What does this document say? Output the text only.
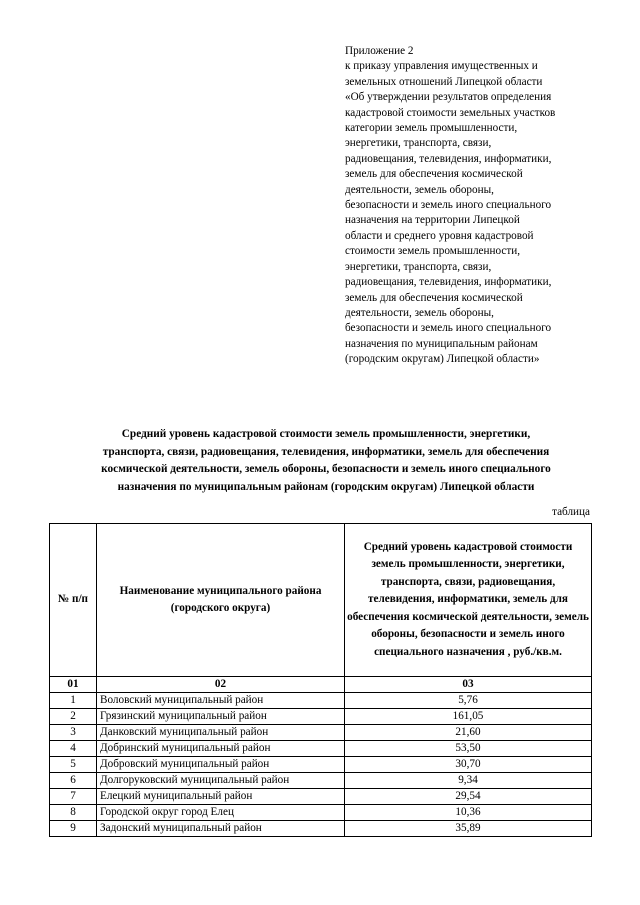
Приложение 2
к приказу управления имущественных и
земельных отношений Липецкой области
«Об утверждении результатов определения
кадастровой стоимости земельных участков
категории земель промышленности,
энергетики, транспорта, связи,
радиовещания, телевидения, информатики,
земель для обеспечения космической
деятельности, земель обороны,
безопасности и земель иного специального
назначения на территории Липецкой
области и среднего уровня кадастровой
стоимости земель промышленности,
энергетики, транспорта, связи,
радиовещания, телевидения, информатики,
земель для обеспечения космической
деятельности, земель обороны,
безопасности и земель иного специального
назначения по муниципальным районам
(городским округам) Липецкой области»
Средний уровень кадастровой стоимости земель промышленности, энергетики,
транспорта, связи, радиовещания, телевидения, информатики, земель для обеспечения
космической деятельности, земель обороны, безопасности и земель иного специального
назначения по муниципальным районам (городским округам) Липецкой области
таблица
№ п/п	Наименование муниципального района (городского округа)	Средний уровень кадастровой стоимости земель промышленности, энергетики, транспорта, связи, радиовещания, телевидения, информатики, земель для обеспечения космической деятельности, земель обороны, безопасности и земель иного специального назначения , руб./кв.м.
01	02	03
1	Воловский муниципальный район	5,76
2	Грязинский муниципальный район	161,05
3	Данковский муниципальный район	21,60
4	Добринский муниципальный район	53,50
5	Добровский муниципальный район	30,70
6	Долгоруковский муниципальный район	9,34
7	Елецкий муниципальный район	29,54
8	Городской округ город Елец	10,36
9	Задонский муниципальный район	35,89
